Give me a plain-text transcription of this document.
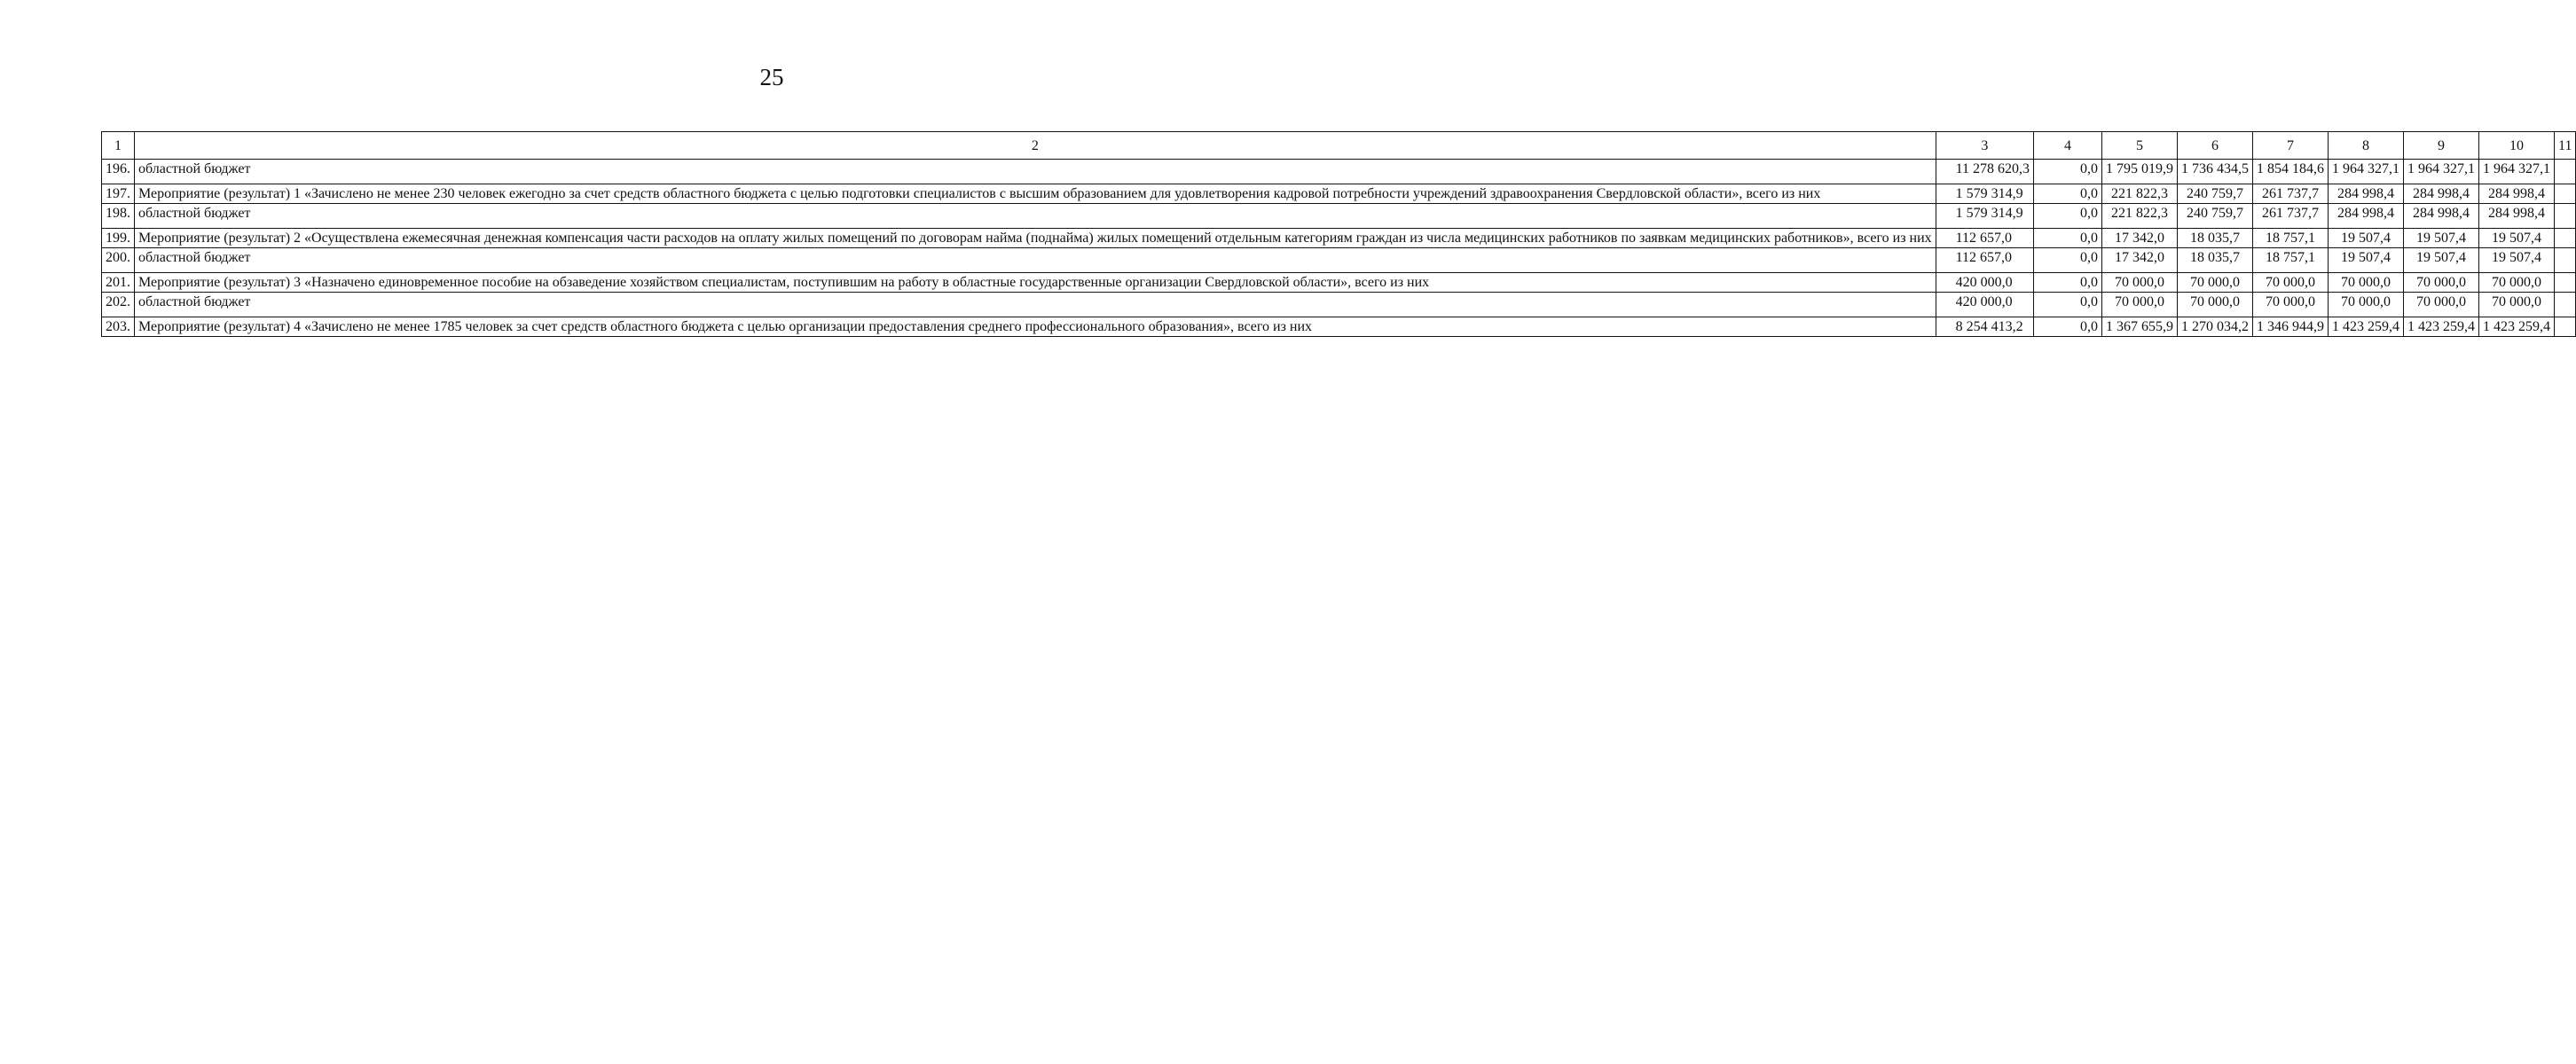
25
1	2	3	4	5	6	7	8	9	10	11
196.	областной бюджет	11 278 620,3	0,0	1 795 019,9	1 736 434,5	1 854 184,6	1 964 327,1	1 964 327,1	1 964 327,1	
197.	Мероприятие (результат) 1 «Зачислено не менее 230 человек ежегодно за счет средств областного бюджета с целью подготовки специалистов с высшим образованием для удовлетворения кадровой потребности учреждений здравоохранения Свердловской области», всего из них	1 579 314,9	0,0	221 822,3	240 759,7	261 737,7	284 998,4	284 998,4	284 998,4	
198.	областной бюджет	1 579 314,9	0,0	221 822,3	240 759,7	261 737,7	284 998,4	284 998,4	284 998,4	
199.	Мероприятие (результат) 2 «Осуществлена ежемесячная денежная компенсация части расходов на оплату жилых помещений по договорам найма (поднайма) жилых помещений отдельным категориям граждан из числа медицинских работников по заявкам медицинских работников», всего из них	112 657,0	0,0	17 342,0	18 035,7	18 757,1	19 507,4	19 507,4	19 507,4	
200.	областной бюджет	112 657,0	0,0	17 342,0	18 035,7	18 757,1	19 507,4	19 507,4	19 507,4	
201.	Мероприятие (результат) 3 «Назначено единовременное пособие на обзаведение хозяйством специалистам, поступившим на работу в областные государственные организации Свердловской области», всего из них	420 000,0	0,0	70 000,0	70 000,0	70 000,0	70 000,0	70 000,0	70 000,0	
202.	областной бюджет	420 000,0	0,0	70 000,0	70 000,0	70 000,0	70 000,0	70 000,0	70 000,0	
203.	Мероприятие (результат) 4 «Зачислено не менее 1785 человек за счет средств областного бюджета с целью организации предоставления среднего профессионального образования», всего из них	8 254 413,2	0,0	1 367 655,9	1 270 034,2	1 346 944,9	1 423 259,4	1 423 259,4	1 423 259,4	
